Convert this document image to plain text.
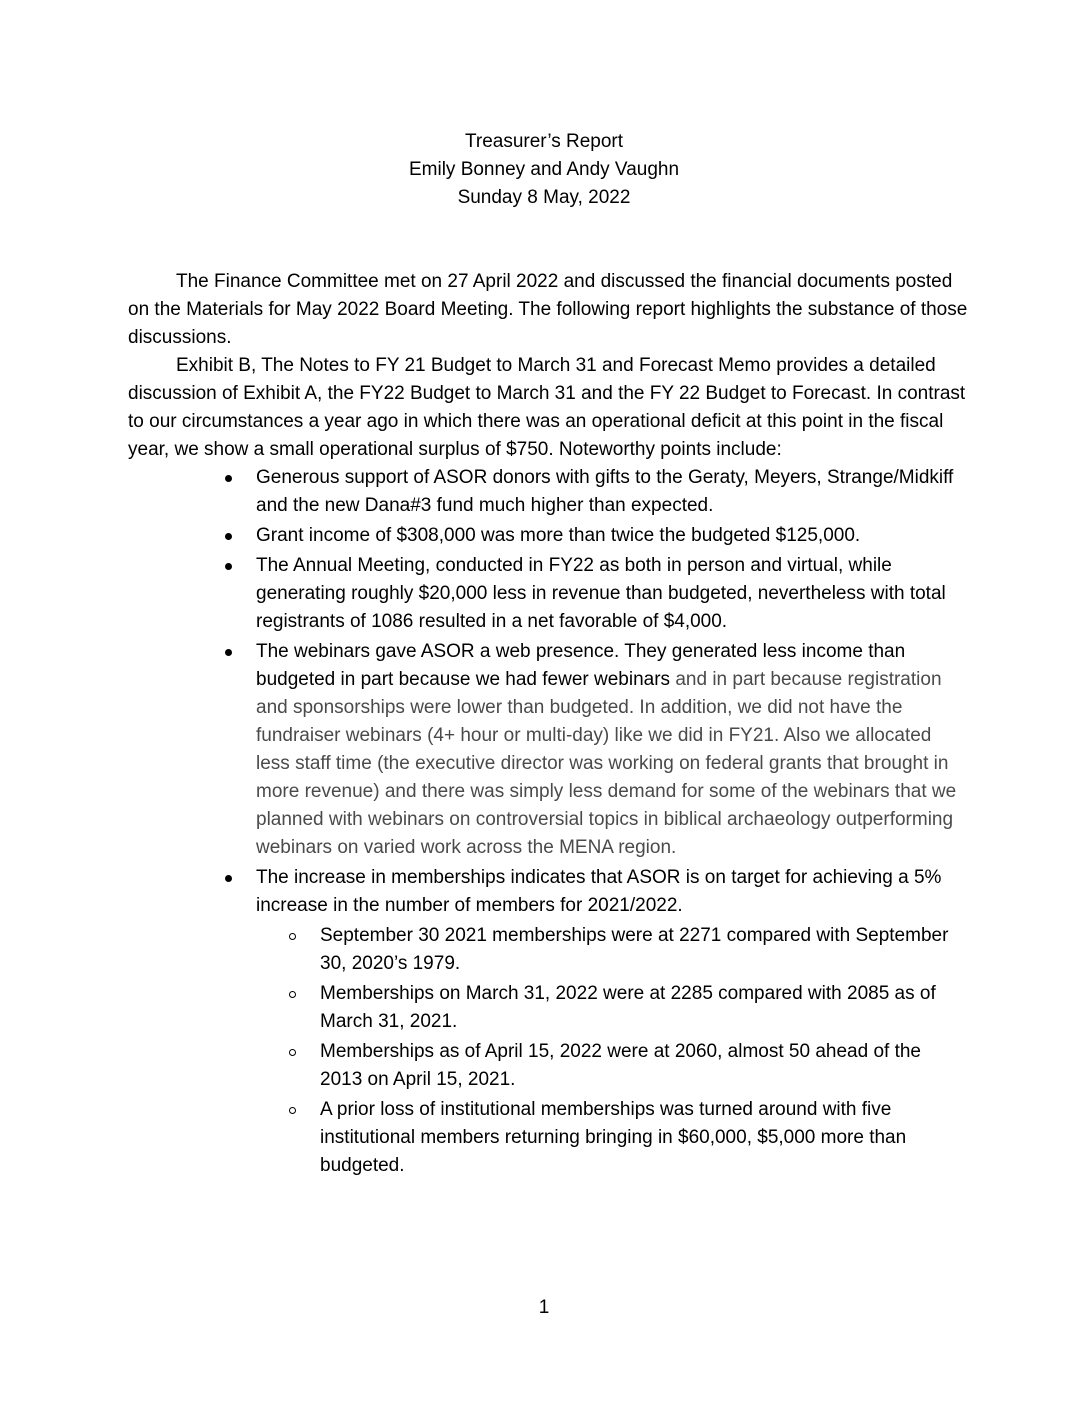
Treasurer’s Report
Emily Bonney and Andy Vaughn
Sunday 8 May, 2022

The Finance Committee met on 27 April 2022 and discussed the financial documents posted on the Materials for May 2022 Board Meeting. The following report highlights the substance of those discussions.

Exhibit B, The Notes to FY 21 Budget to March 31 and Forecast Memo provides a detailed discussion of Exhibit A, the FY22 Budget to March 31 and the FY 22 Budget to Forecast. In contrast to our circumstances a year ago in which there was an operational deficit at this point in the fiscal year, we show a small operational surplus of $750. Noteworthy points include:

Generous support of ASOR donors with gifts to the Geraty, Meyers, Strange/Midkiff and the new Dana#3 fund much higher than expected.
Grant income of $308,000 was more than twice the budgeted $125,000.
The Annual Meeting, conducted in FY22 as both in person and virtual, while generating roughly $20,000 less in revenue than budgeted, nevertheless with total registrants of 1086 resulted in a net favorable of $4,000.
The webinars gave ASOR a web presence. They generated less income than budgeted in part because we had fewer webinars and in part because registration and sponsorships were lower than budgeted. In addition, we did not have the fundraiser webinars (4+ hour or multi-day) like we did in FY21. Also we allocated less staff time (the executive director was working on federal grants that brought in more revenue) and there was simply less demand for some of the webinars that we planned with webinars on controversial topics in biblical archaeology outperforming webinars on varied work across the MENA region.
The increase in memberships indicates that ASOR is on target for achieving a 5% increase in the number of members for 2021/2022.
September 30 2021 memberships were at 2271 compared with September 30, 2020’s 1979.
Memberships on March 31, 2022 were at 2285 compared with 2085 as of March 31, 2021.
Memberships as of April 15, 2022 were at 2060, almost 50 ahead of the 2013 on April 15, 2021.
A prior loss of institutional memberships was turned around with five institutional members returning bringing in $60,000, $5,000 more than budgeted.
1
